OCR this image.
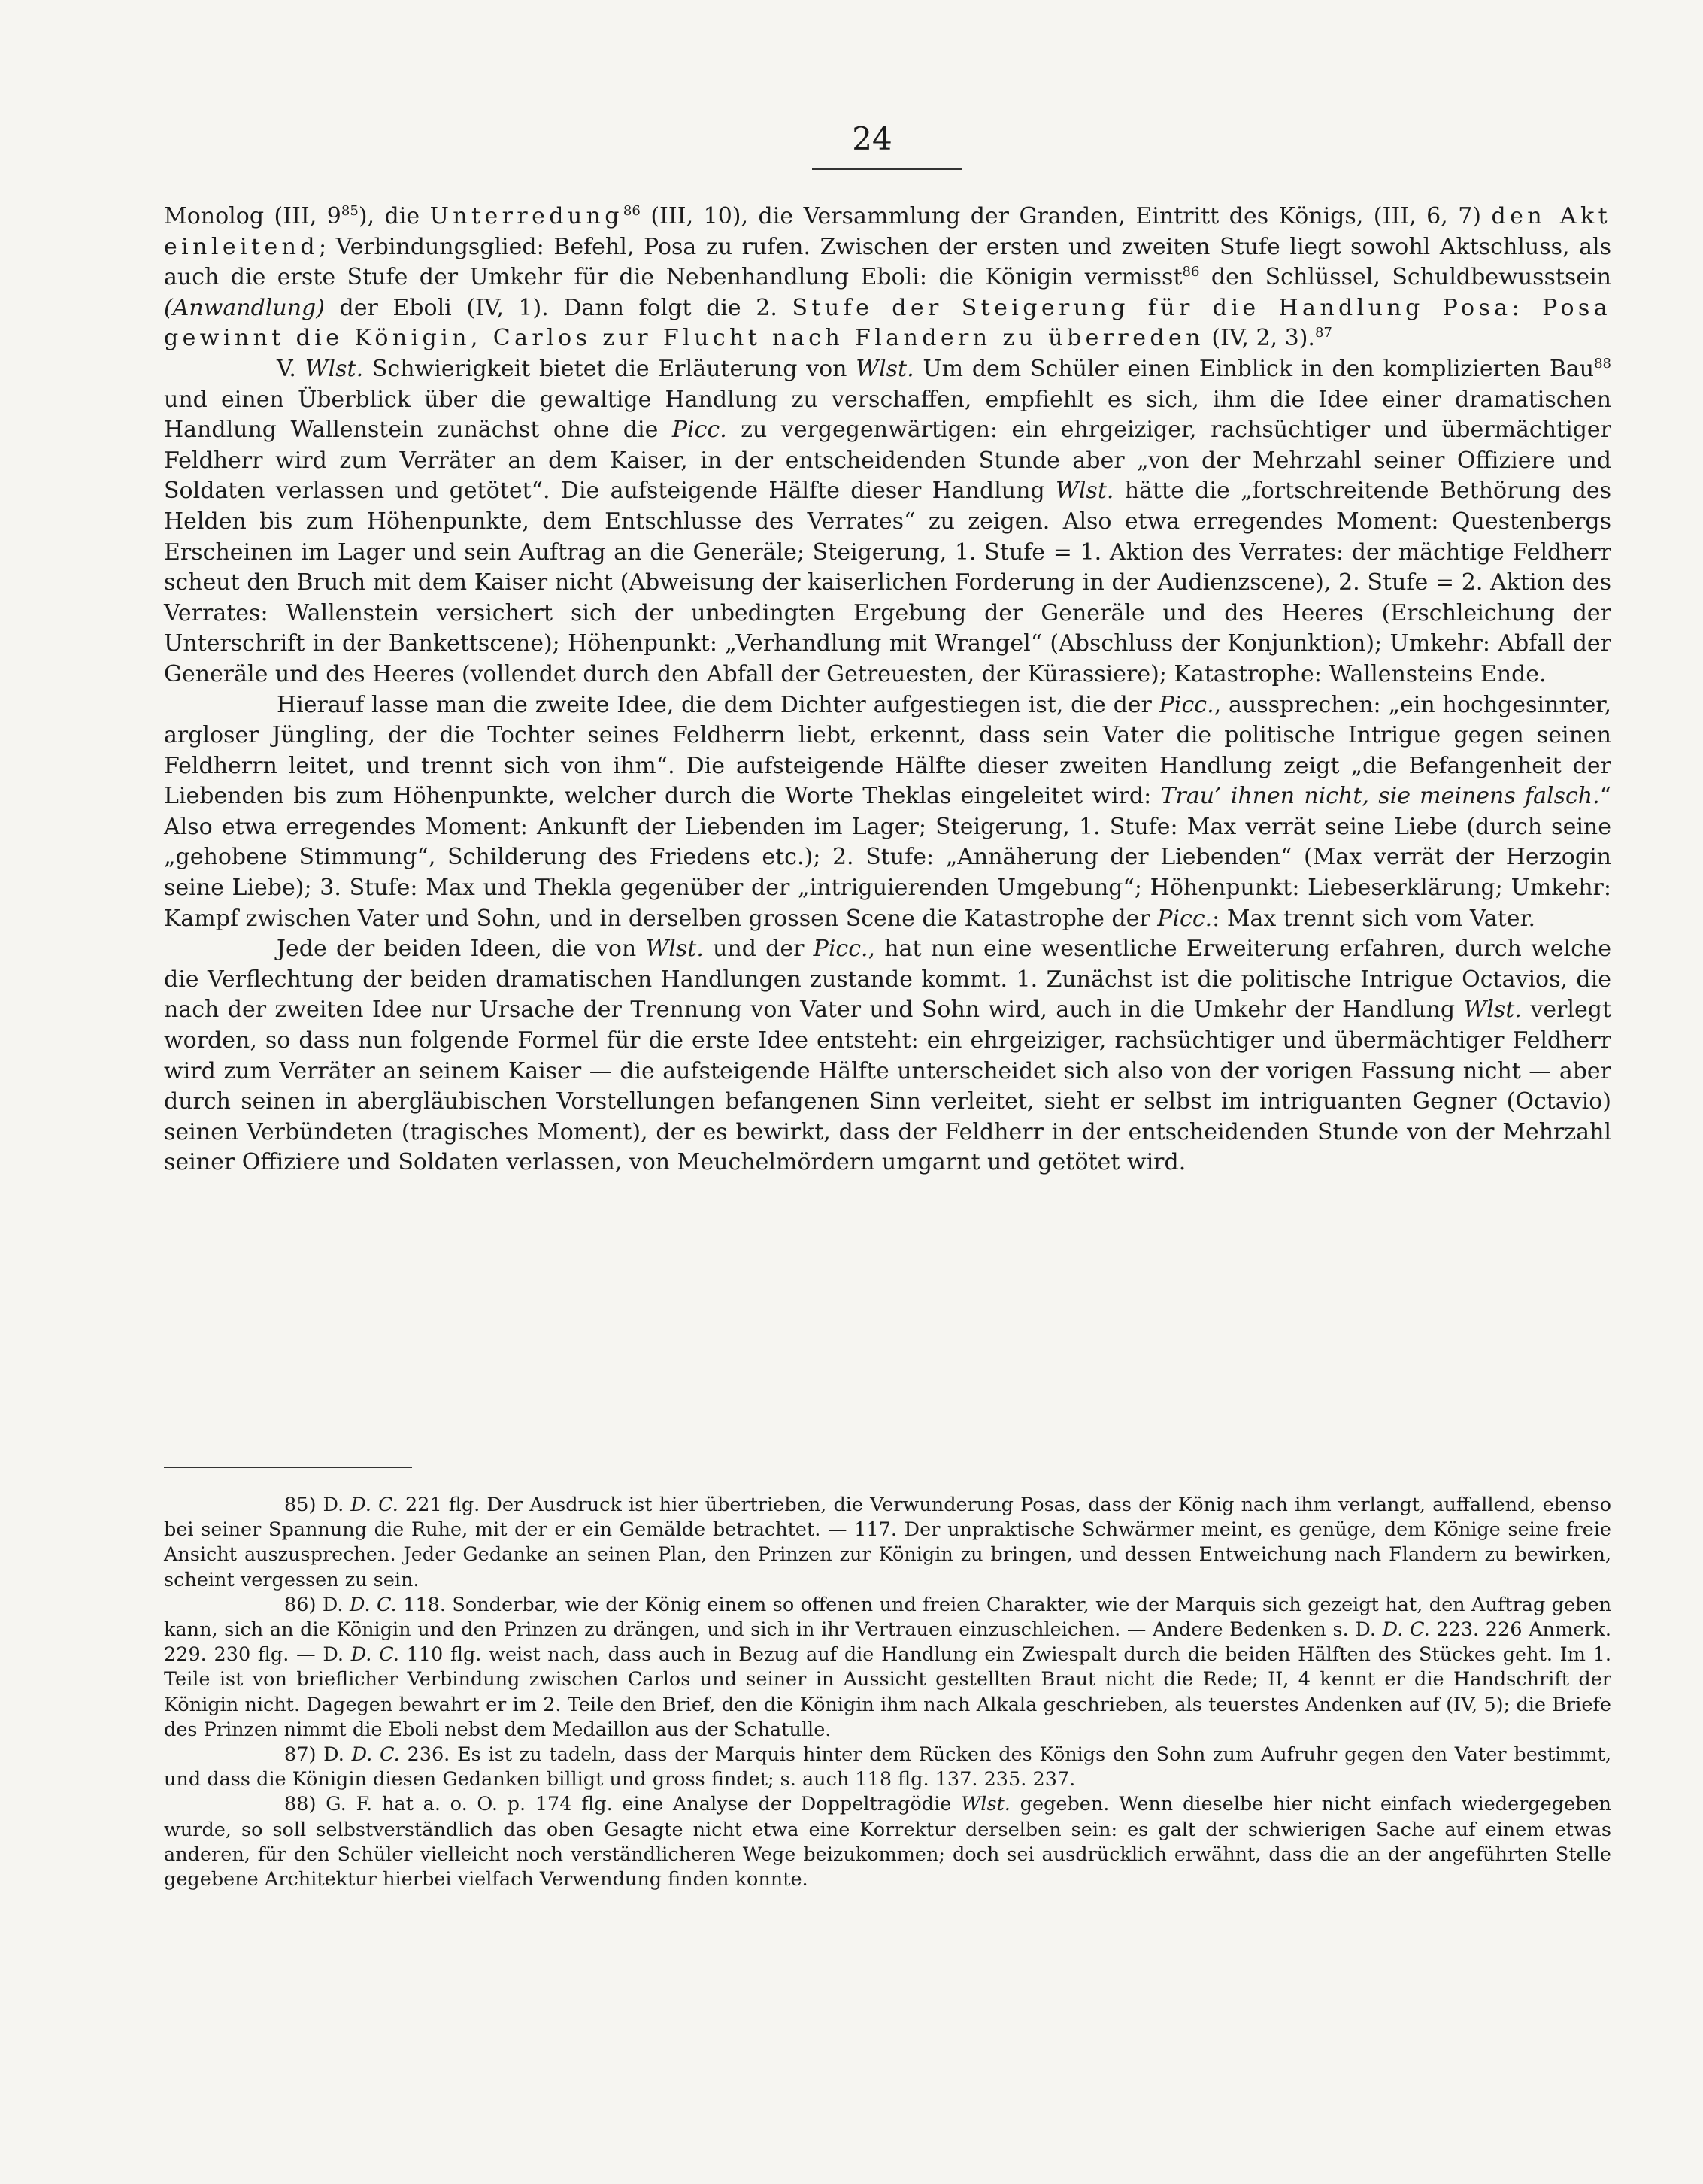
24

Monolog (III, $9^{85}$), die Unterredung$^{86}$ (III, 10), die Versammlung der Granden, Eintritt des Königs, (III, 6, 7) den Akt einleitend; Verbindungsglied: Befehl, Posa zu rufen. Zwischen der ersten und zweiten Stufe liegt sowohl Aktschluss, als auch die erste Stufe der Umkehr für die Nebenhandlung Eboli: die Königin vermisst$^{86}$ den Schlüssel, Schuldbewusstsein (Anwandlung) der Eboli (IV, 1). Dann folgt die 2. Stufe der Steigerung für die Handlung Posa: Posa gewinnt die Königin, Carlos zur Flucht nach Flandern zu überreden (IV, 2, 3).$^{87}$

V. Wlst. Schwierigkeit bietet die Erläuterung von Wlst. Um dem Schüler einen Einblick in den komplizierten Bau$^{88}$ und einen Überblick über die gewaltige Handlung zu verschaffen, empfiehlt es sich, ihm die Idee einer dramatischen Handlung Wallenstein zunächst ohne die Picc. zu vergegenwärtigen: ein ehrgeiziger, rachsüchtiger und übermächtiger Feldherr wird zum Verräter an dem Kaiser, in der entscheidenden Stunde aber „von der Mehrzahl seiner Offiziere und Soldaten verlassen und getötet“. Die aufsteigende Hälfte dieser Handlung Wlst. hätte die „fortschreitende Bethörung des Helden bis zum Höhenpunkte, dem Entschlusse des Verrates“ zu zeigen. Also etwa erregendes Moment: Questenbergs Erscheinen im Lager und sein Auftrag an die Generäle; Steigerung, 1. Stufe = 1. Aktion des Verrates: der mächtige Feldherr scheut den Bruch mit dem Kaiser nicht (Abweisung der kaiserlichen Forderung in der Audienzscene), 2. Stufe = 2. Aktion des Verrates: Wallenstein versichert sich der unbedingten Ergebung der Generäle und des Heeres (Erschleichung der Unterschrift in der Bankettscene); Höhenpunkt: „Verhandlung mit Wrangel“ (Abschluss der Konjunktion); Umkehr: Abfall der Generäle und des Heeres (vollendet durch den Abfall der Getreuesten, der Kürassiere); Katastrophe: Wallensteins Ende.

Hierauf lasse man die zweite Idee, die dem Dichter aufgestiegen ist, die der Picc., aussprechen: „ein hochgesinnter, argloser Jüngling, der die Tochter seines Feldherrn liebt, erkennt, dass sein Vater die politische Intrigue gegen seinen Feldherrn leitet, und trennt sich von ihm“. Die aufsteigende Hälfte dieser zweiten Handlung zeigt „die Befangenheit der Liebenden bis zum Höhenpunkte, welcher durch die Worte Theklas eingeleitet wird: Trau’ ihnen nicht, sie meinens falsch.“ Also etwa erregendes Moment: Ankunft der Liebenden im Lager; Steigerung, 1. Stufe: Max verrät seine Liebe (durch seine „gehobene Stimmung“, Schilderung des Friedens etc.); 2. Stufe: „Annäherung der Liebenden“ (Max verrät der Herzogin seine Liebe); 3. Stufe: Max und Thekla gegenüber der „intriguierenden Umgebung“; Höhenpunkt: Liebeserklärung; Umkehr: Kampf zwischen Vater und Sohn, und in derselben grossen Scene die Katastrophe der Picc.: Max trennt sich vom Vater.

Jede der beiden Ideen, die von Wlst. und der Picc., hat nun eine wesentliche Erweiterung erfahren, durch welche die Verflechtung der beiden dramatischen Handlungen zustande kommt. 1. Zunächst ist die politische Intrigue Octavios, die nach der zweiten Idee nur Ursache der Trennung von Vater und Sohn wird, auch in die Umkehr der Handlung Wlst. verlegt worden, so dass nun folgende Formel für die erste Idee entsteht: ein ehrgeiziger, rachsüchtiger und übermächtiger Feldherr wird zum Verräter an seinem Kaiser — die aufsteigende Hälfte unterscheidet sich also von der vorigen Fassung nicht — aber durch seinen in abergläubischen Vorstellungen befangenen Sinn verleitet, sieht er selbst im intriguanten Gegner (Octavio) seinen Verbündeten (tragisches Moment), der es bewirkt, dass der Feldherr in der entscheidenden Stunde von der Mehrzahl seiner Offiziere und Soldaten verlassen, von Meuchelmördern umgarnt und getötet wird.

85) D. D. C. 221 flg. Der Ausdruck ist hier übertrieben, die Verwunderung Posas, dass der König nach ihm verlangt, auffallend, ebenso bei seiner Spannung die Ruhe, mit der er ein Gemälde betrachtet. — 117. Der unpraktische Schwärmer meint, es genüge, dem Könige seine freie Ansicht auszusprechen. Jeder Gedanke an seinen Plan, den Prinzen zur Königin zu bringen, und dessen Entweichung nach Flandern zu bewirken, scheint vergessen zu sein.

86) D. D. C. 118. Sonderbar, wie der König einem so offenen und freien Charakter, wie der Marquis sich gezeigt hat, den Auftrag geben kann, sich an die Königin und den Prinzen zu drängen, und sich in ihr Vertrauen einzuschleichen. — Andere Bedenken s. D. D. C. 223. 226 Anmerk. 229. 230 flg. — D. D. C. 110 flg. weist nach, dass auch in Bezug auf die Handlung ein Zwiespalt durch die beiden Hälften des Stückes geht. Im 1. Teile ist von brieflicher Verbindung zwischen Carlos und seiner in Aussicht gestellten Braut nicht die Rede; II, 4 kennt er die Handschrift der Königin nicht. Dagegen bewahrt er im 2. Teile den Brief, den die Königin ihm nach Alkala geschrieben, als teuerstes Andenken auf (IV, 5); die Briefe des Prinzen nimmt die Eboli nebst dem Medaillon aus der Schatulle.

87) D. D. C. 236. Es ist zu tadeln, dass der Marquis hinter dem Rücken des Königs den Sohn zum Aufruhr gegen den Vater bestimmt, und dass die Königin diesen Gedanken billigt und gross findet; s. auch 118 flg. 137. 235. 237.

88) G. F. hat a. o. O. p. 174 flg. eine Analyse der Doppeltragödie Wlst. gegeben. Wenn dieselbe hier nicht einfach wiedergegeben wurde, so soll selbstverständlich das oben Gesagte nicht etwa eine Korrektur derselben sein: es galt der schwierigen Sache auf einem etwas anderen, für den Schüler vielleicht noch verständlicheren Wege beizukommen; doch sei ausdrücklich erwähnt, dass die an der angeführten Stelle gegebene Architektur hierbei vielfach Verwendung finden konnte.
